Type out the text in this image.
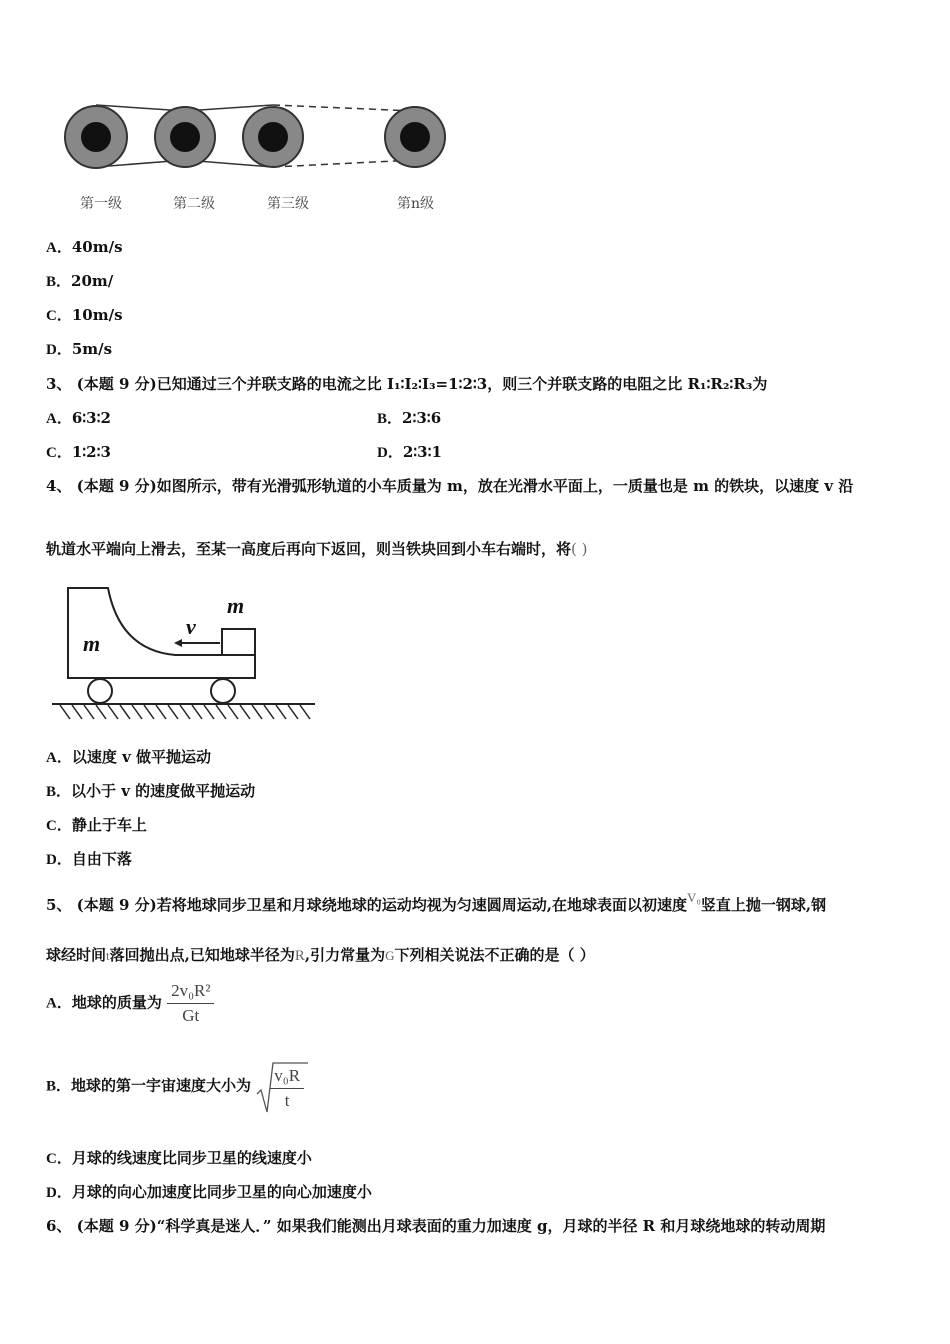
第一级	第二级	第三级	第n级
A．40m/s
B．20m/
C．10m/s
D．5m/s
3、 (本题 9 分)已知通过三个并联支路的电流之比 I₁∶I₂∶I₃=1∶2∶3，则三个并联支路的电阻之比 R₁∶R₂∶R₃为
A．6∶3∶2	B．2∶3∶6
C．1∶2∶3	D．2∶3∶1
4、 (本题 9 分)如图所示，带有光滑弧形轨道的小车质量为 m，放在光滑水平面上，一质量也是 m 的铁块，以速度 v 沿
轨道水平端向上滑去，至某一高度后再向下返回，则当铁块回到小车右端时，将( )
m
m
v
A．以速度 v 做平抛运动
B．以小于 v 的速度做平抛运动
C．静止于车上
D．自由下落
5、 (本题 9 分)若将地球同步卫星和月球绕地球的运动均视为匀速圆周运动,在地球表面以初速度V₀竖直上抛一钢球,钢
球经时间t落回抛出点,已知地球半径为R,引力常量为G下列相关说法不正确的是（ ）
A．地球的质量为 $\frac{\text{2v₀R²}}{Gt}$
B．地球的第一宇宙速度大小为 $\frac{\text{v₀R}}{t}$
C．月球的线速度比同步卫星的线速度小
D．月球的向心加速度比同步卫星的向心加速度小
6、 (本题 9 分)“科学真是迷人．” 如果我们能测出月球表面的重力加速度 g，月球的半径 R 和月球绕地球的转动周期
